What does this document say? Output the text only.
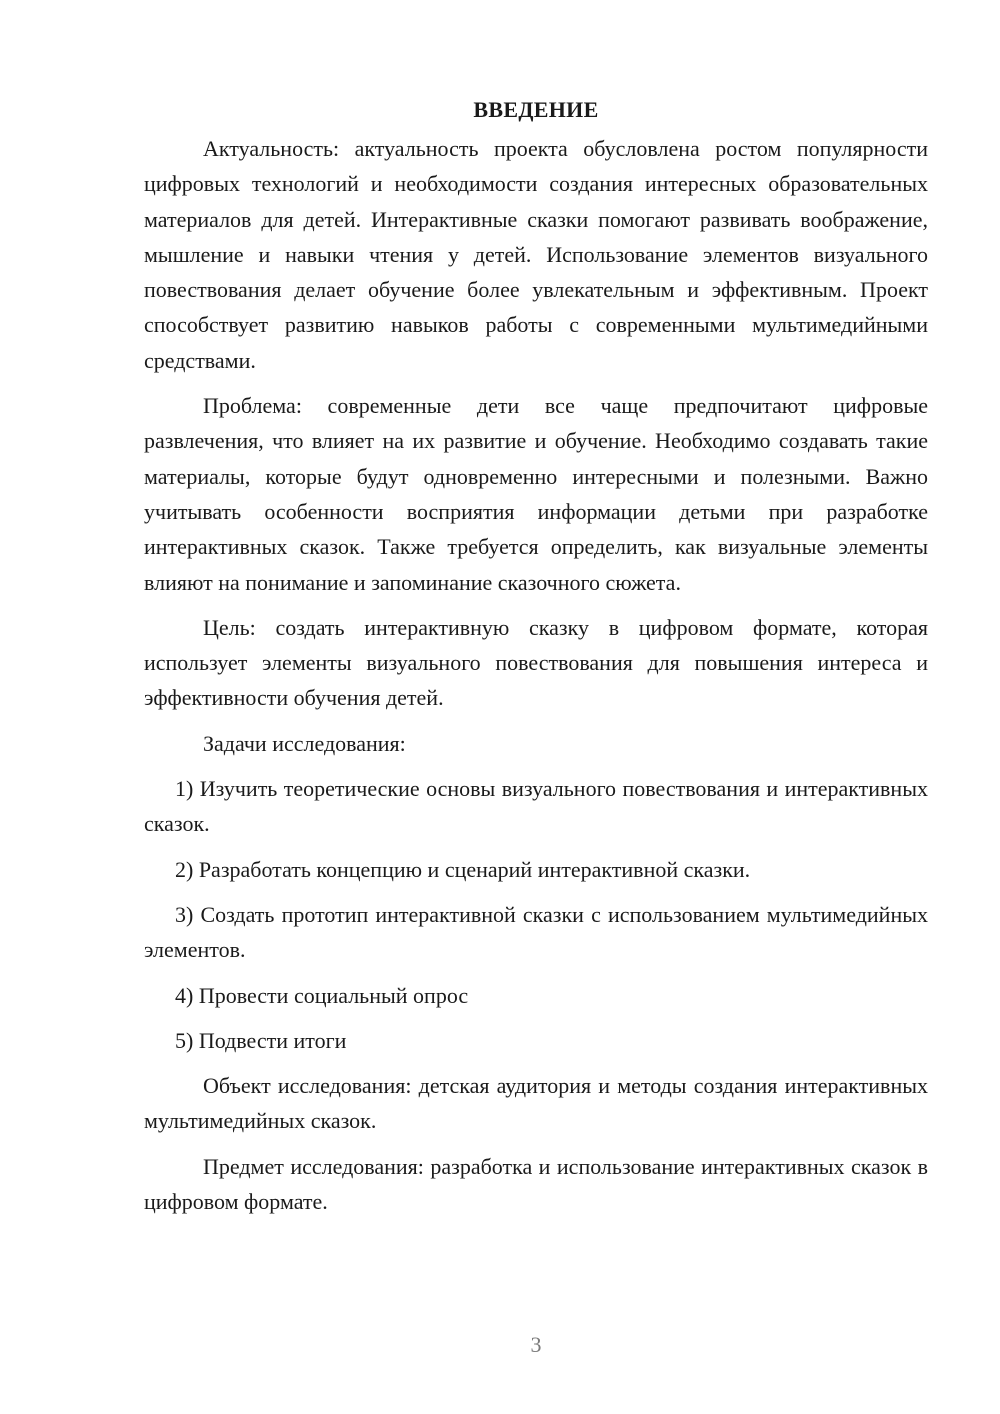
ВВЕДЕНИЕ

Актуальность: актуальность проекта обусловлена ростом популярности цифровых технологий и необходимости создания интересных образовательных материалов для детей. Интерактивные сказки помогают развивать воображение, мышление и навыки чтения у детей. Использование элементов визуального повествования делает обучение более увлекательным и эффективным. Проект способствует развитию навыков работы с современными мультимедийными средствами.

Проблема: современные дети все чаще предпочитают цифровые развлечения, что влияет на их развитие и обучение. Необходимо создавать такие материалы, которые будут одновременно интересными и полезными. Важно учитывать особенности восприятия информации детьми при разработке интерактивных сказок. Также требуется определить, как визуальные элементы влияют на понимание и запоминание сказочного сюжета.

Цель: создать интерактивную сказку в цифровом формате, которая использует элементы визуального повествования для повышения интереса и эффективности обучения детей.

Задачи исследования:

1) Изучить теоретические основы визуального повествования и интерактивных сказок.

2) Разработать концепцию и сценарий интерактивной сказки.

3) Создать прототип интерактивной сказки с использованием мультимедийных элементов.

4) Провести социальный опрос

5) Подвести итоги

Объект исследования: детская аудитория и методы создания интерактивных мультимедийных сказок.

Предмет исследования: разработка и использование интерактивных сказок в цифровом формате.

3
